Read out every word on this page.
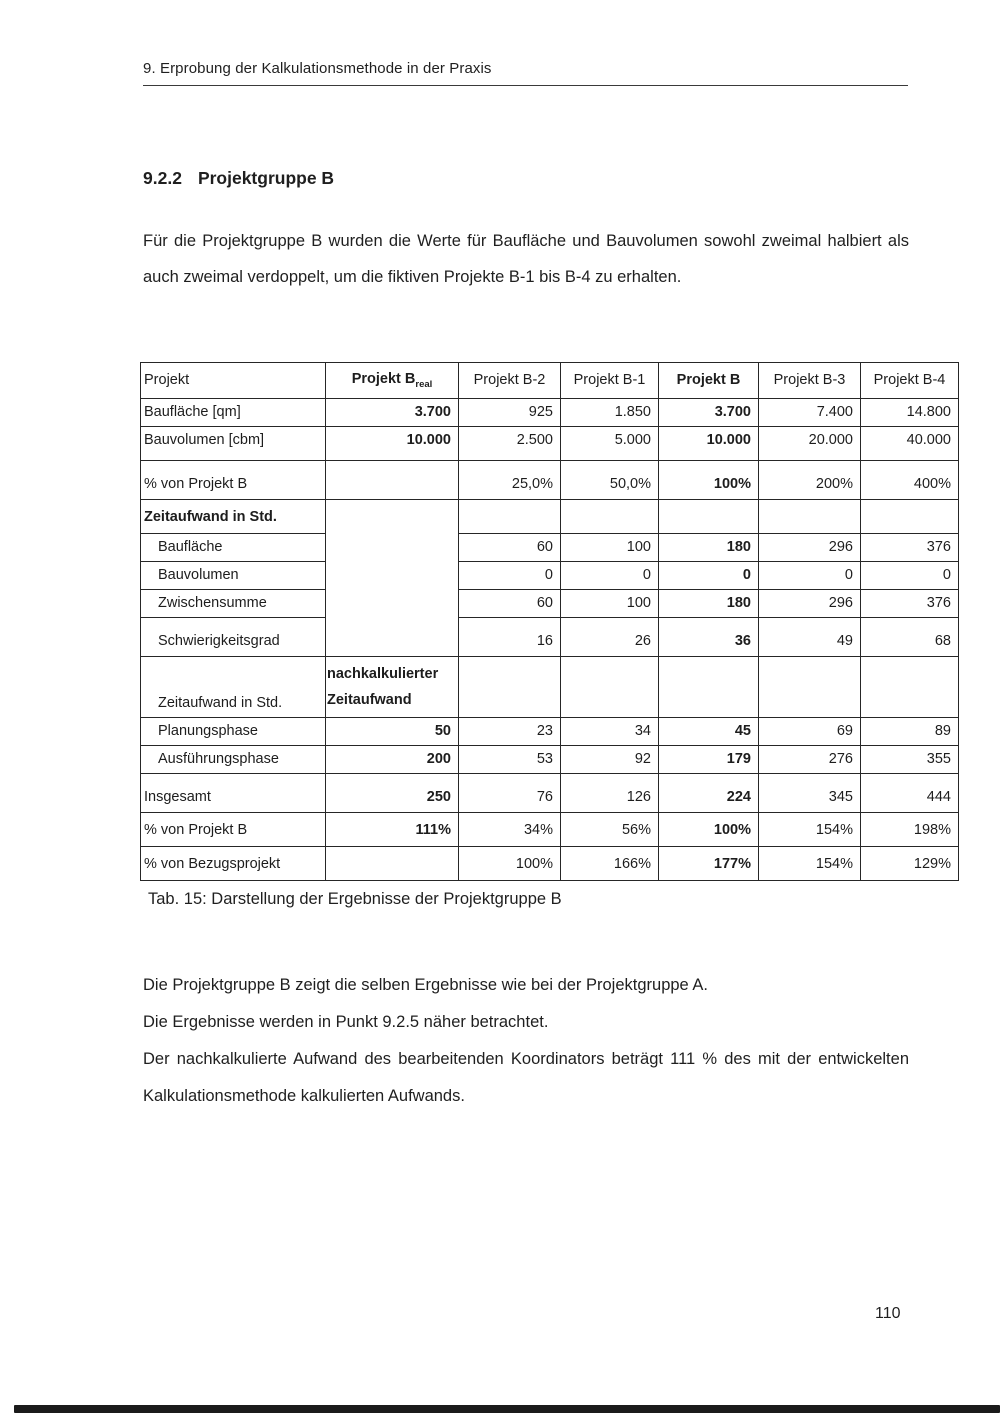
9. Erprobung der Kalkulationsmethode in der Praxis
9.2.2 Projektgruppe B

Für die Projektgruppe B wurden die Werte für Baufläche und Bauvolumen sowohl zweimal halbiert als auch zweimal verdoppelt, um die fiktiven Projekte B-1 bis B-4 zu erhalten.

Projekt	Projekt $B_{real}$	Projekt B-2	Projekt B-1	Projekt B	Projekt B-3	Projekt B-4
Baufläche [qm]	3.700	925	1.850	3.700	7.400	14.800
Bauvolumen [cbm]	10.000	2.500	5.000	10.000	20.000	40.000
% von Projekt B		25,0%	50,0%	100%	200%	400%
Zeitaufwand in Std.						
Baufläche		60	100	180	296	376
Bauvolumen		0	0	0	0	0
Zwischensumme		60	100	180	296	376
Schwierigkeitsgrad		16	26	36	49	68
Zeitaufwand in Std.	nachkalkulierter
Zeitaufwand					

Planungsphase	50	23	34	45	69	89
Ausführungsphase	200	53	92	179	276	355
Insgesamt	250	76	126	224	345	444
% von Projekt B	111%	34%	56%	100%	154%	198%
% von Bezugsprojekt		100%	166%	177%	154%	129%

Tab. 15: Darstellung der Ergebnisse der Projektgruppe B

Die Projektgruppe B zeigt die selben Ergebnisse wie bei der Projektgruppe A.

Die Ergebnisse werden in Punkt 9.2.5 näher betrachtet.

Der nachkalkulierte Aufwand des bearbeitenden Koordinators beträgt 111 % des mit der entwickelten Kalkulationsmethode kalkulierten Aufwands.

110
